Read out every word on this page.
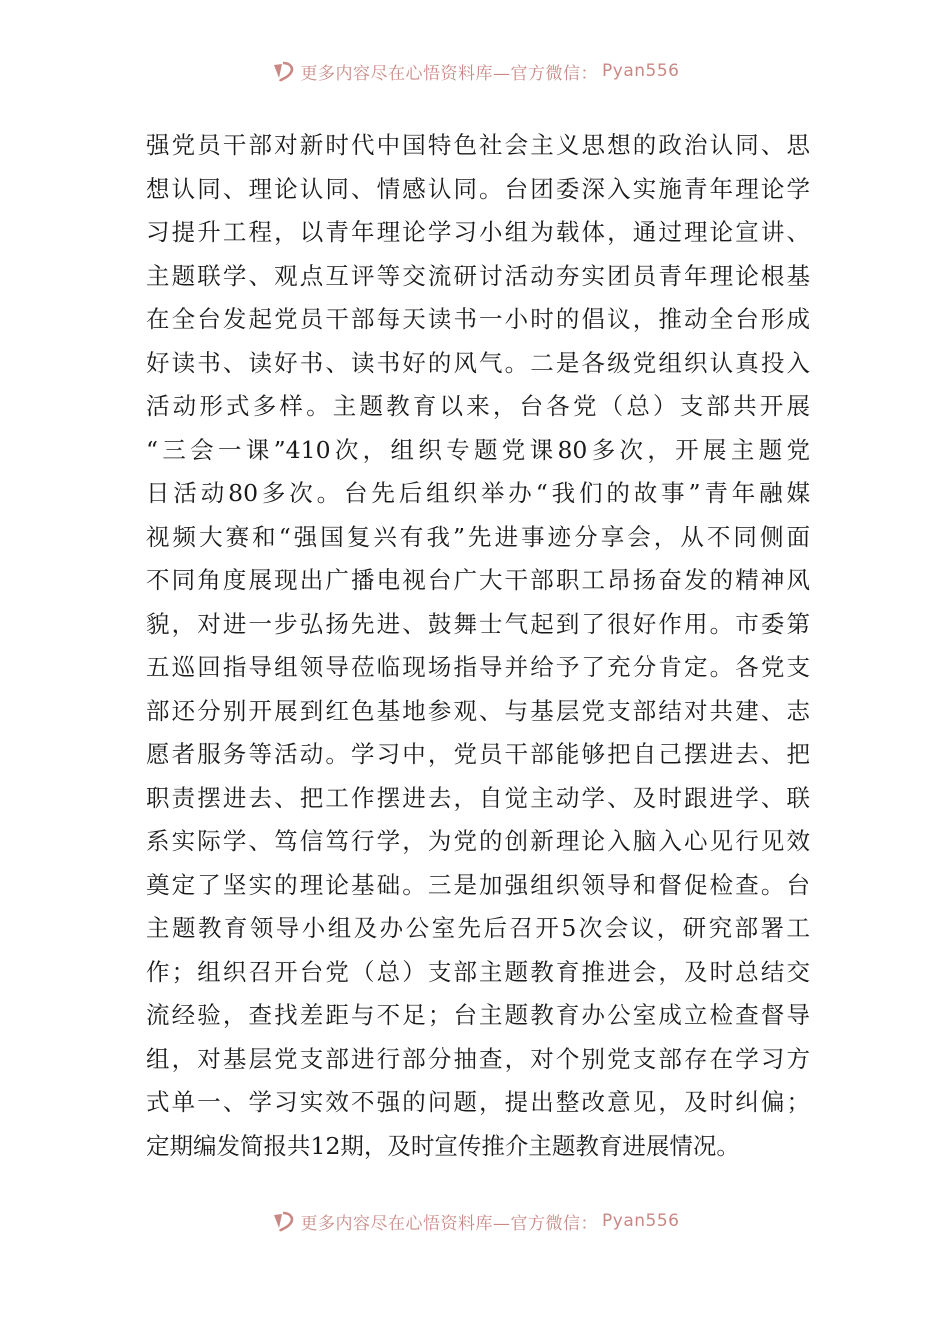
更多内容尽在心悟资料库—官方微信： Pyan556
强党员干部对新时代中国特色社会主义思想的政治认同、思
想认同、理论认同、情感认同。台团委深入实施青年理论学
习提升工程，以青年理论学习小组为载体，通过理论宣讲、
主题联学、观点互评等交流研讨活动夯实团员青年理论根基
在全台发起党员干部每天读书一小时的倡议，推动全台形成
好读书、读好书、读书好的风气。二是各级党组织认真投入
活动形式多样。主题教育以来，台各党（总）支部共开展
“三会一课”410次，组织专题党课80多次，开展主题党
日活动80多次。台先后组织举办“我们的故事”青年融媒
视频大赛和“强国复兴有我”先进事迹分享会，从不同侧面
不同角度展现出广播电视台广大干部职工昂扬奋发的精神风
貌，对进一步弘扬先进、鼓舞士气起到了很好作用。市委第
五巡回指导组领导莅临现场指导并给予了充分肯定。各党支
部还分别开展到红色基地参观、与基层党支部结对共建、志
愿者服务等活动。学习中，党员干部能够把自己摆进去、把
职责摆进去、把工作摆进去，自觉主动学、及时跟进学、联
系实际学、笃信笃行学，为党的创新理论入脑入心见行见效
奠定了坚实的理论基础。三是加强组织领导和督促检查。台
主题教育领导小组及办公室先后召开5次会议，研究部署工
作；组织召开台党（总）支部主题教育推进会，及时总结交
流经验，查找差距与不足；台主题教育办公室成立检查督导
组，对基层党支部进行部分抽查，对个别党支部存在学习方
式单一、学习实效不强的问题，提出整改意见，及时纠偏；
定期编发简报共12期，及时宣传推介主题教育进展情况。
更多内容尽在心悟资料库—官方微信： Pyan556
